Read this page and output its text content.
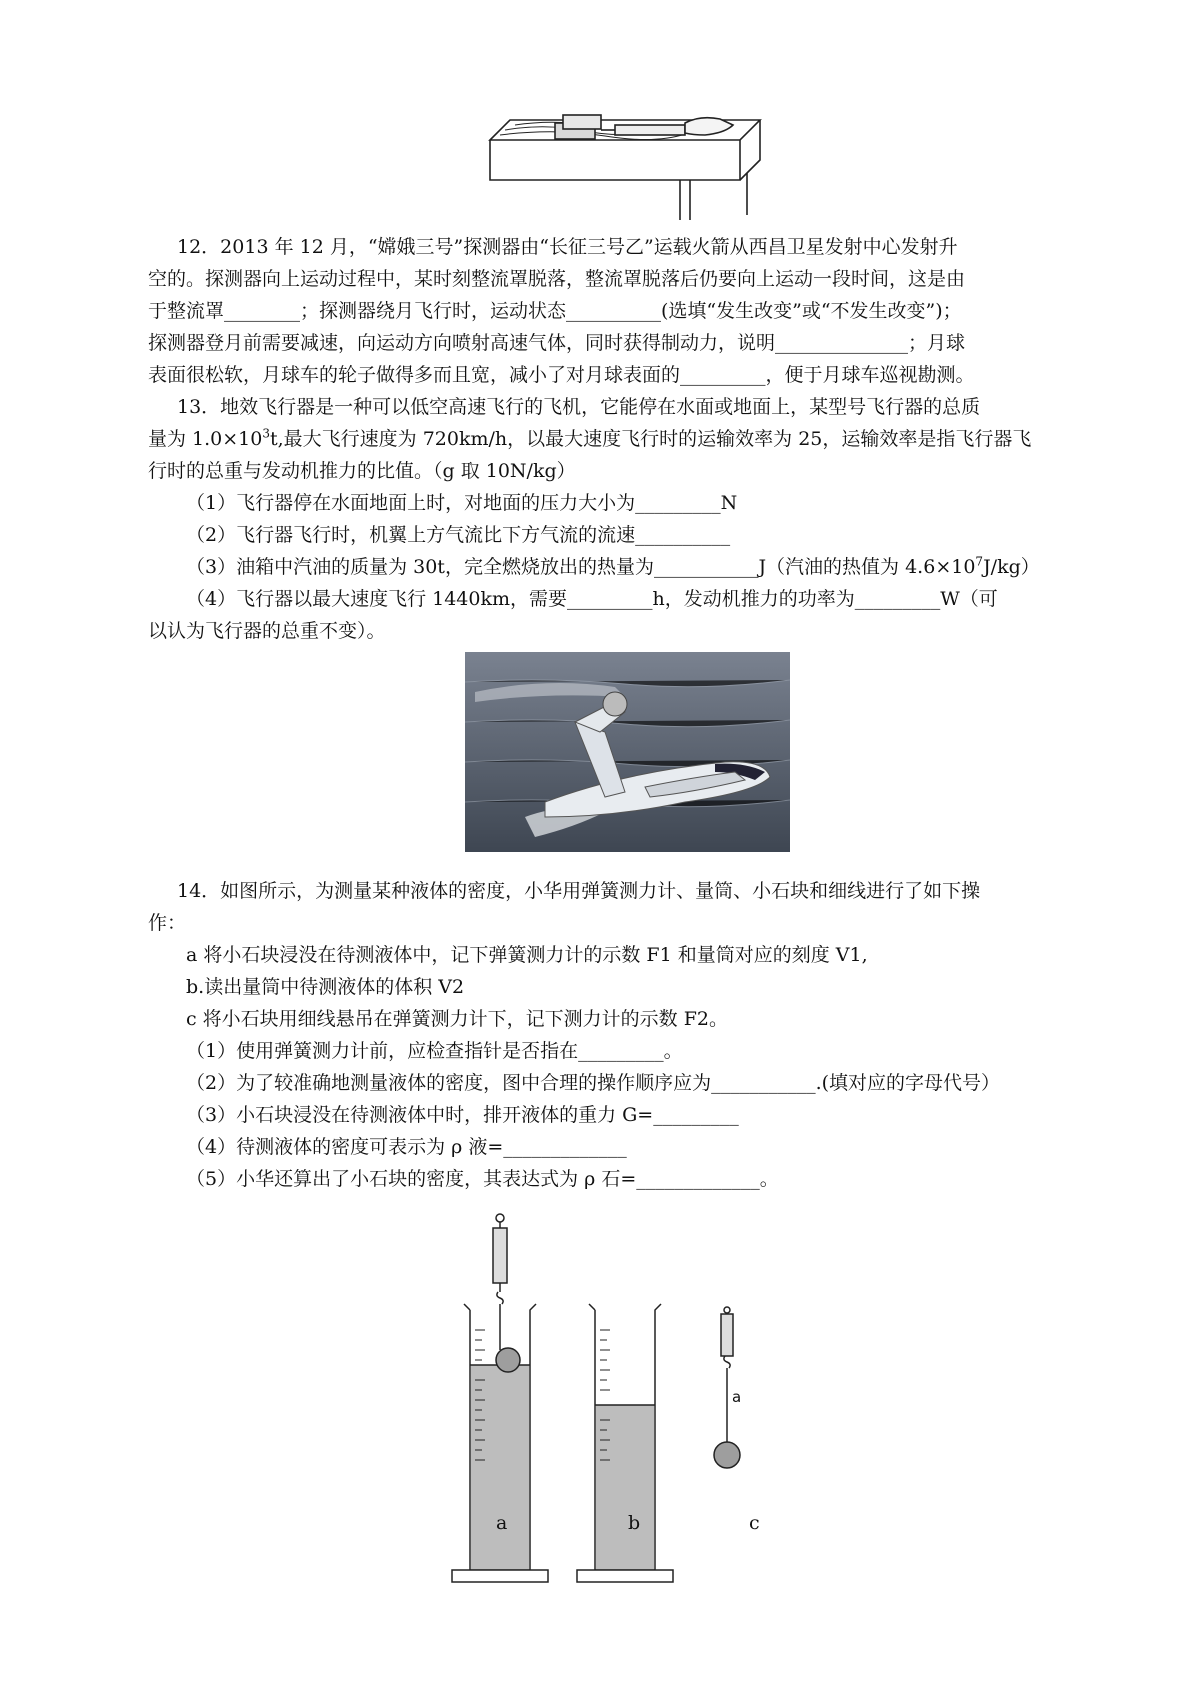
12．2013 年 12 月，“嫦娥三号”探测器由“长征三号乙”运载火箭从西昌卫星发射中心发射升
空的。探测器向上运动过程中，某时刻整流罩脱落，整流罩脱落后仍要向上运动一段时间，这是由
于整流罩________；探测器绕月飞行时，运动状态__________(选填“发生改变”或“不发生改变”)；
探测器登月前需要减速，向运动方向喷射高速气体，同时获得制动力，说明______________；月球
表面很松软，月球车的轮子做得多而且宽，减小了对月球表面的_________，便于月球车巡视勘测。
13．地效飞行器是一种可以低空高速飞行的飞机，它能停在水面或地面上，某型号飞行器的总质
量为 $1.0\times 10^3t$,最大飞行速度为 720km/h，以最大速度飞行时的运输效率为 25，运输效率是指飞行器飞
行时的总重与发动机推力的比值。（g 取 10N/kg）
（1）飞行器停在水面地面上时，对地面的压力大小为_________N
（2）飞行器飞行时，机翼上方气流比下方气流的流速__________
（3）油箱中汽油的质量为 30t，完全燃烧放出的热量为___________J（汽油的热值为 $4.6\times 10^7J/kg$）
（4）飞行器以最大速度飞行 1440km，需要_________h，发动机推力的功率为_________W（可
以认为飞行器的总重不变）。
14．如图所示，为测量某种液体的密度，小华用弹簧测力计、量筒、小石块和细线进行了如下操
作：
a 将小石块浸没在待测液体中，记下弹簧测力计的示数 F1 和量筒对应的刻度 V1,
b.读出量筒中待测液体的体积 V2
c 将小石块用细线悬吊在弹簧测力计下，记下测力计的示数 F2。
（1）使用弹簧测力计前，应检查指针是否指在_________。
（2）为了较准确地测量液体的密度，图中合理的操作顺序应为___________.(填对应的字母代号）
（3）小石块浸没在待测液体中时，排开液体的重力 G=_________
（4）待测液体的密度可表示为 ρ 液=_____________
（5）小华还算出了小石块的密度，其表达式为 ρ 石=_____________。
a
a	b	c
